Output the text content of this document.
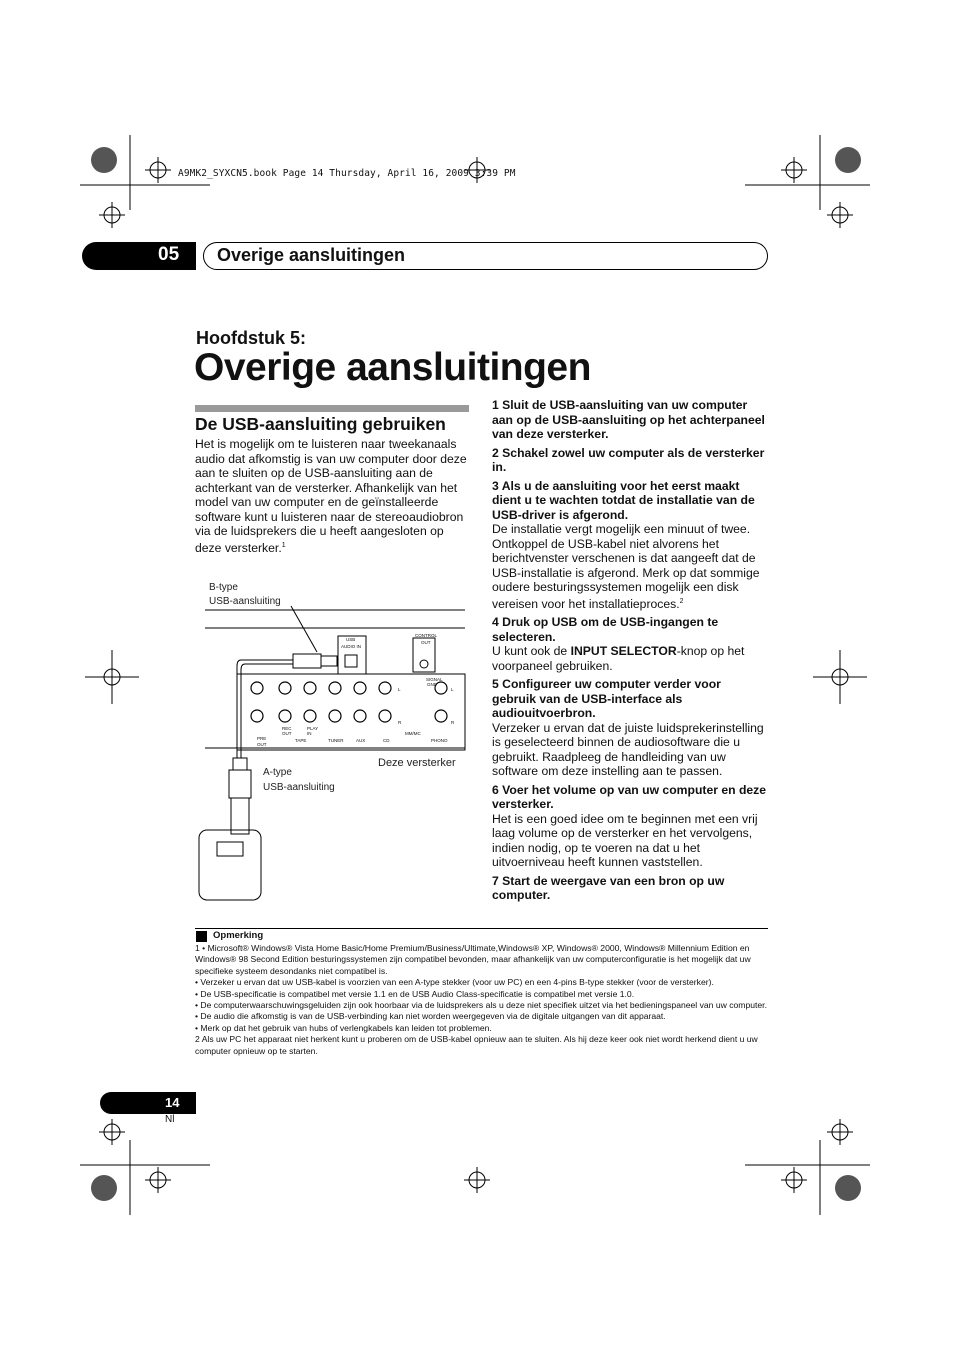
A9MK2_SYXCN5.book Page 14 Thursday, April 16, 2009 3:39 PM
05 Overige aansluitingen
Hoofdstuk 5:
Overige aansluitingen
De USB-aansluiting gebruiken
Het is mogelijk om te luisteren naar tweekanaals audio dat afkomstig is van uw computer door deze aan te sluiten op de USB-aansluiting aan de achterkant van de versterker. Afhankelijk van het model van uw computer en de geïnstalleerde software kunt u luisteren naar de stereoaudiobron via de luidsprekers die u heeft aangesloten op deze versterker.$^1$
B-type
USB-aansluiting
A-type
USB-aansluiting
Deze versterker
USB
AUDIO IN
CONTROL
OUT
SIGNAL
GND
L
R
L
R
MM/MC
PRE
OUT
REC
OUT
PLAY
IN
TAPE	TUNER	AUX	CD	PHONO

1 Sluit de USB-aansluiting van uw computer aan op de USB-aansluiting op het achterpaneel van deze versterker.

2 Schakel zowel uw computer als de versterker in.

3 Als u de aansluiting voor het eerst maakt dient u te wachten totdat de installatie van de USB-driver is afgerond.

De installatie vergt mogelijk een minuut of twee. Ontkoppel de USB-kabel niet alvorens het berichtvenster verschenen is dat aangeeft dat de USB-installatie is afgerond. Merk op dat sommige oudere besturingssystemen mogelijk een disk vereisen voor het installatieproces.$^2$

4 Druk op USB om de USB-ingangen te selecteren.

U kunt ook de INPUT SELECTOR-knop op het voorpaneel gebruiken.

5 Configureer uw computer verder voor gebruik van de USB-interface als audiouitvoerbron.

Verzeker u ervan dat de juiste luidsprekerinstelling is geselecteerd binnen de audiosoftware die u gebruikt. Raadpleeg de handleiding van uw software om deze instelling aan te passen.

6 Voer het volume op van uw computer en deze versterker.

Het is een goed idee om te beginnen met een vrij laag volume op de versterker en het vervolgens, indien nodig, op te voeren na dat u het uitvoerniveau heeft kunnen vaststellen.

7 Start de weergave van een bron op uw computer.

Opmerking

1 • Microsoft® Windows® Vista Home Basic/Home Premium/Business/Ultimate,Windows® XP, Windows® 2000, Windows® Millennium Edition en Windows® 98 Second Edition besturingssystemen zijn compatibel bevonden, maar afhankelijk van uw computerconfiguratie is het mogelijk dat uw specifieke systeem desondanks niet compatibel is.

• Verzeker u ervan dat uw USB-kabel is voorzien van een A-type stekker (voor uw PC) en een 4-pins B-type stekker (voor de versterker).

• De USB-specificatie is compatibel met versie 1.1 en de USB Audio Class-specificatie is compatibel met versie 1.0.

• De computerwaarschuwingsgeluiden zijn ook hoorbaar via de luidsprekers als u deze niet specifiek uitzet via het bedieningspaneel van uw computer.

• De audio die afkomstig is van de USB-verbinding kan niet worden weergegeven via de digitale uitgangen van dit apparaat.

• Merk op dat het gebruik van hubs of verlengkabels kan leiden tot problemen.

2 Als uw PC het apparaat niet herkent kunt u proberen om de USB-kabel opnieuw aan te sluiten. Als hij deze keer ook niet wordt herkend dient u uw computer opnieuw op te starten.

14
Nl
